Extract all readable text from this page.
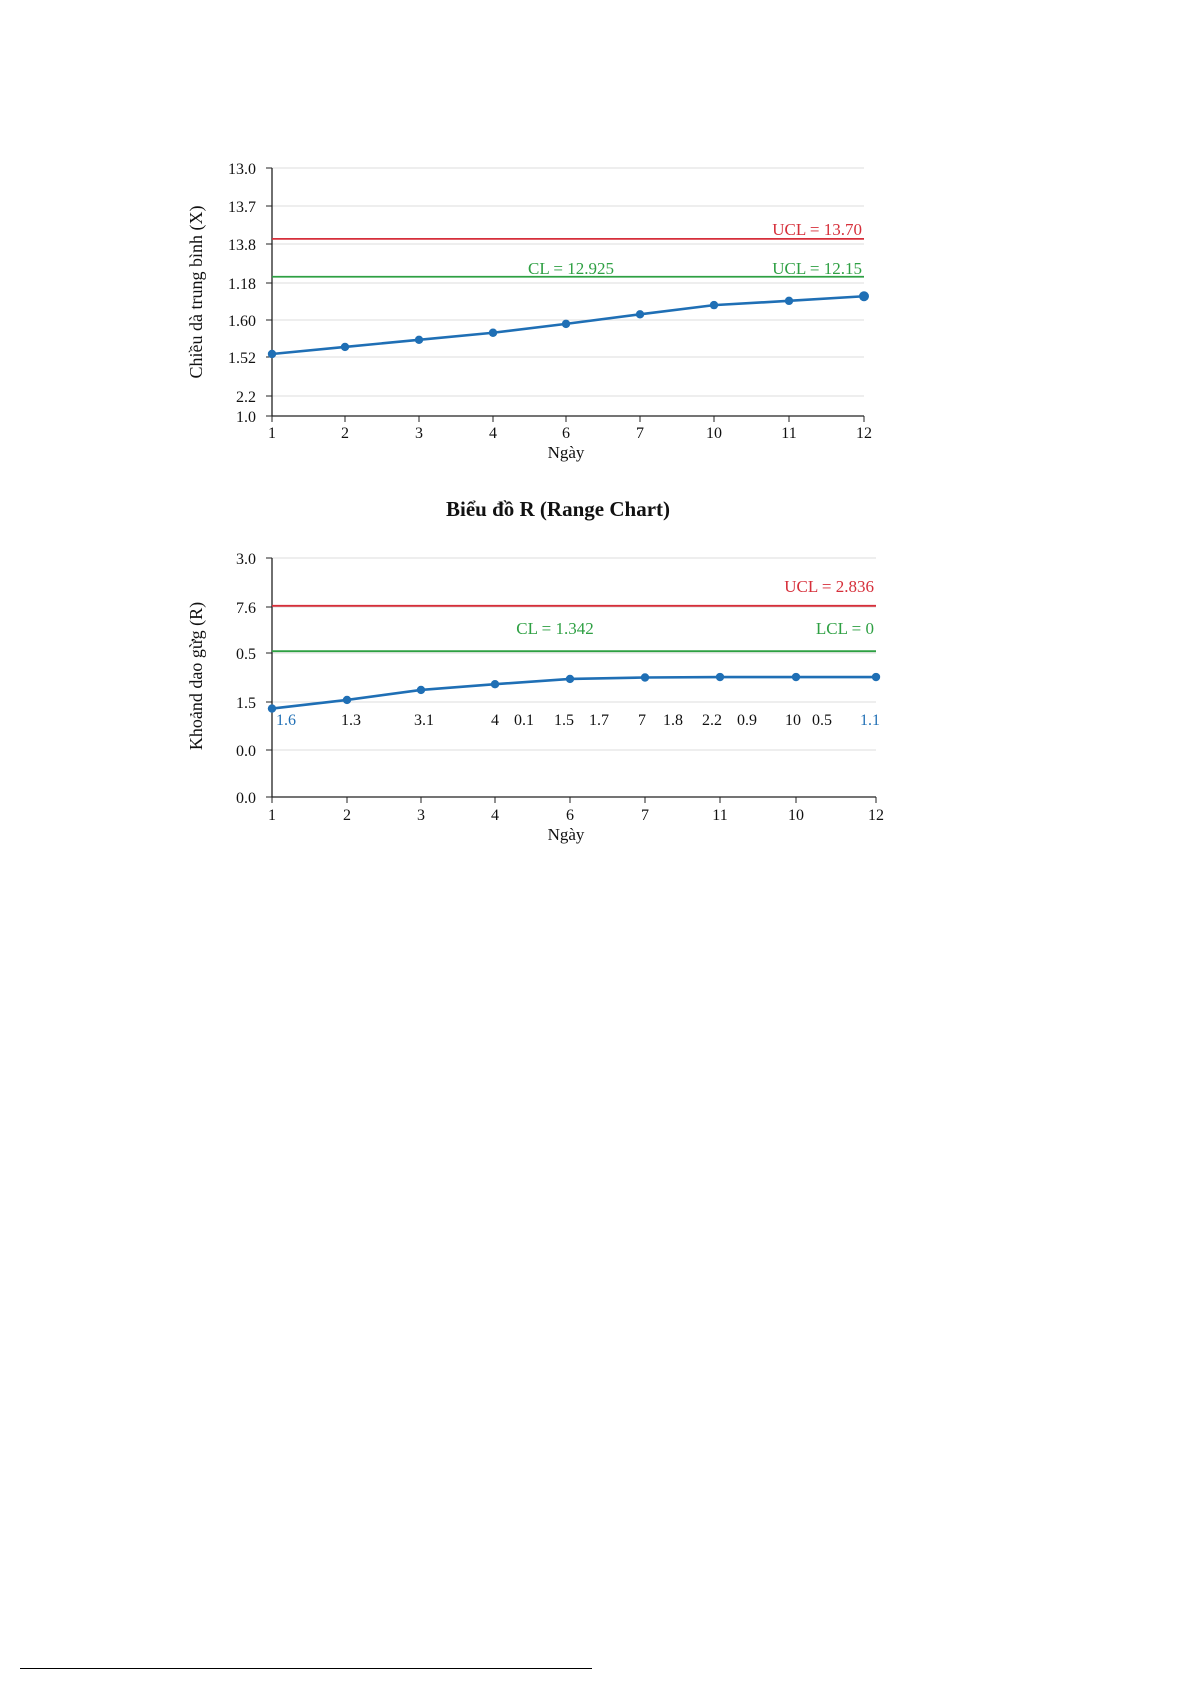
13.0
13.7
13.8
1.18
1.60
1.52
2.2
1.0
1	2	3	4	6	7	10	11	12
Ngày
Chiều dà trung bình (X)	UCL = 13.70
CL = 12.925	UCL = 12.15
Biểu đồ R (Range Chart)
3.0
7.6
0.5
1.5
0.0
0.0
1	2	3	4	6	7	11	10	12
Ngày
Khoảnd dao gừg (R)
UCL = 2.836
CL = 1.342	LCL = 0
1.6	1.3	3.1	4 0.1 1.5 1.7 7 1.8 2.2 0.9 10 0.5 1.1
